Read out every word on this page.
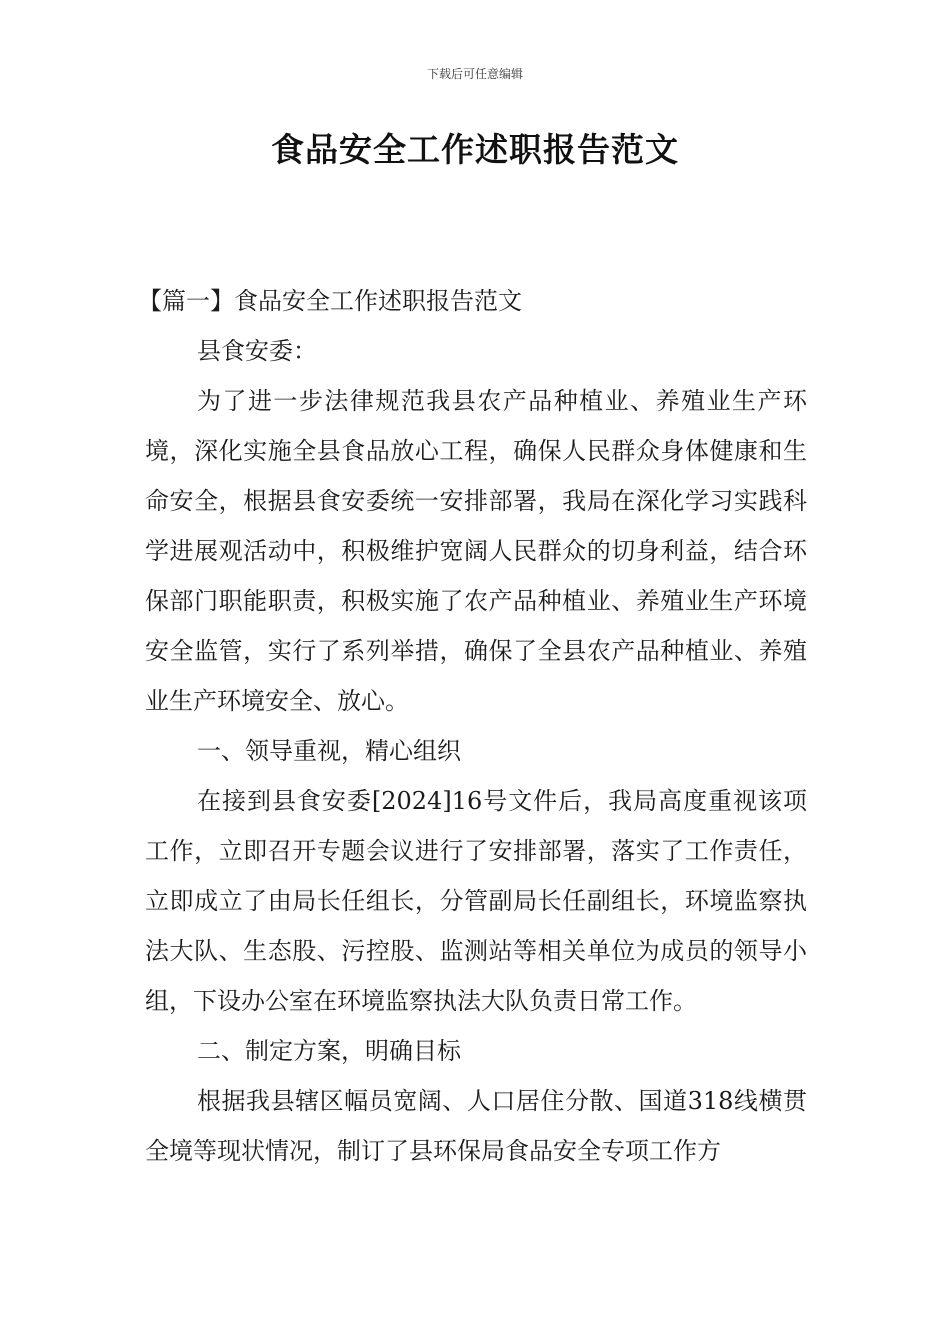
下载后可任意编辑
食品安全工作述职报告范文

【篇一】食品安全工作述职报告范文

县食安委：

为了进一步法律规范我县农产品种植业、养殖业生产环境，深化实施全县食品放心工程，确保人民群众身体健康和生命安全，根据县食安委统一安排部署，我局在深化学习实践科学进展观活动中，积极维护宽阔人民群众的切身利益，结合环保部门职能职责，积极实施了农产品种植业、养殖业生产环境安全监管，实行了系列举措，确保了全县农产品种植业、养殖业生产环境安全、放心。

一、领导重视，精心组织

在接到县食安委[2024]16号文件后，我局高度重视该项工作，立即召开专题会议进行了安排部署，落实了工作责任，立即成立了由局长任组长，分管副局长任副组长，环境监察执法大队、生态股、污控股、监测站等相关单位为成员的领导小组，下设办公室在环境监察执法大队负责日常工作。

二、制定方案，明确目标

根据我县辖区幅员宽阔、人口居住分散、国道318线横贯全境等现状情况，制订了县环保局食品安全专项工作方
